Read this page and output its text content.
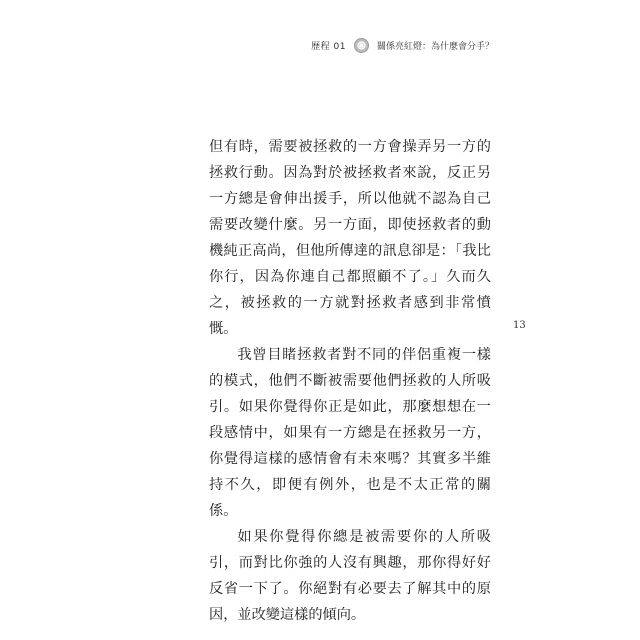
歷程 01	關係亮紅燈：為什麼會分手？

但有時，需要被拯救的一方會操弄另一方的拯救行動。因為對於被拯救者來說，反正另一方總是會伸出援手，所以他就不認為自己需要改變什麼。另一方面，即使拯救者的動機純正高尚，但他所傳達的訊息卻是：「我比你行，因為你連自己都照顧不了。」久而久之，被拯救的一方就對拯救者感到非常憤慨。

我曾目睹拯救者對不同的伴侶重複一樣的模式，他們不斷被需要他們拯救的人所吸引。如果你覺得你正是如此，那麼想想在一段感情中，如果有一方總是在拯救另一方，你覺得這樣的感情會有未來嗎？其實多半維持不久，即便有例外，也是不太正常的關係。

如果你覺得你總是被需要你的人所吸引，而對比你強的人沒有興趣，那你得好好反省一下了。你絕對有必要去了解其中的原因，並改變這樣的傾向。

13
